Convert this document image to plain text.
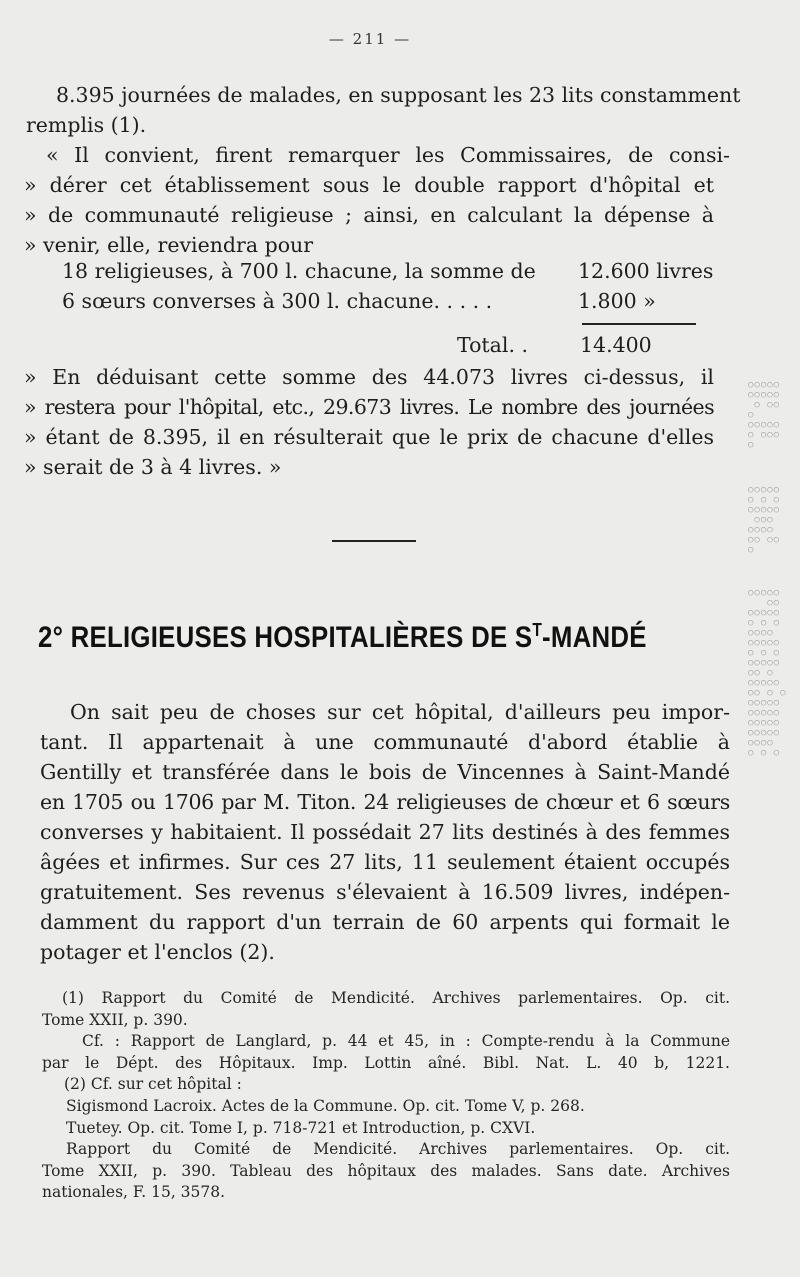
— 211 —
8.395 journées de malades, en supposant les 23 lits constamment
remplis (1).
« Il convient, firent remarquer les Commissaires, de consi-
» dérer cet établissement sous le double rapport d'hôpital et
» de communauté religieuse ; ainsi, en calculant la dépense à
» venir, elle, reviendra pour
18 religieuses, à 700 l. chacune, la somme de 12.600 livres
6 sœurs converses à 300 l. chacune. . . . .	1.800 »
Total. .	14.400
» En déduisant cette somme des 44.073 livres ci-dessus, il
» restera pour l'hôpital, etc., 29.673 livres. Le nombre des journées
» étant de 8.395, il en résulterait que le prix de chacune d'elles
» serait de 3 à 4 livres. »
2° RELIGIEUSES HOSPITALIÈRES DE $S^T$-MANDÉ
On sait peu de choses sur cet hôpital, d'ailleurs peu impor-
tant. Il appartenait à une communauté d'abord établie à
Gentilly et transférée dans le bois de Vincennes à Saint-Mandé
en 1705 ou 1706 par M. Titon. 24 religieuses de chœur et 6 sœurs
converses y habitaient. Il possédait 27 lits destinés à des femmes
âgées et infirmes. Sur ces 27 lits, 11 seulement étaient occupés
gratuitement. Ses revenus s'élevaient à 16.509 livres, indépen-
damment du rapport d'un terrain de 60 arpents qui formait le
potager et l'enclos (2).
(1) Rapport du Comité de Mendicité. Archives parlementaires. Op. cit.
Tome XXII, p. 390.
Cf. : Rapport de Langlard, p. 44 et 45, in : Compte-rendu à la Commune
par le Dépt. des Hôpitaux. Imp. Lottin aîné. Bibl. Nat. L. 40 b, 1221.
(2) Cf. sur cet hôpital :
Sigismond Lacroix. Actes de la Commune. Op. cit. Tome V, p. 268.
Tuetey. Op. cit. Tome I, p. 718-721 et Introduction, p. CXVI.
Rapport du Comité de Mendicité. Archives parlementaires. Op. cit.
Tome XXII, p. 390. Tableau des hôpitaux des malades. Sans date. Archives
nationales, F. 15, 3578.
○○○○○
○○○○○
○ ○○
○
○○○○○
○ ○○○
○
○○○○○
○ ○ ○
○○○○○
○○○
○○○○
○○ ○○
○
○○○○○
○○
○○○○○
○ ○ ○
○○○○
○○○○○
○ ○ ○
○○○○○
○○ ○
○○○○○
○○ ○ ○
○○○○○
○○○○○
○○○○○
○○○○○
○○○○
○ ○ ○
